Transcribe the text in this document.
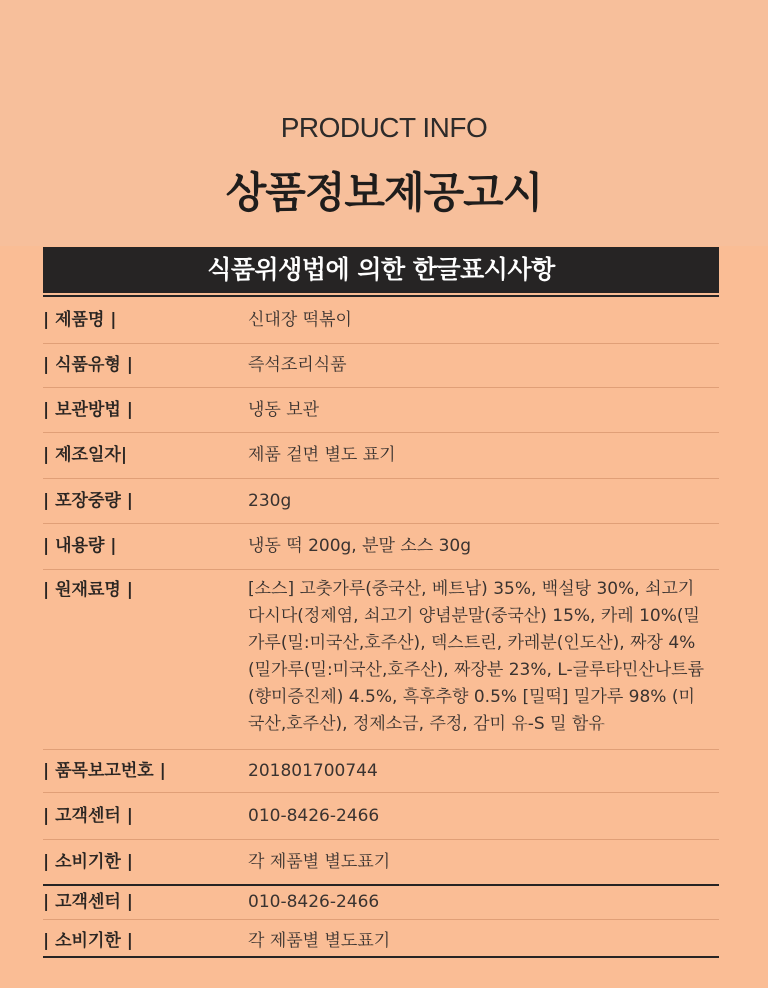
PRODUCT INFO
상품정보제공고시
식품위생법에 의한 한글표시사항
| 제품명 |	신대장 떡볶이
| 식품유형 |	즉석조리식품
| 보관방법 |	냉동 보관
| 제조일자|	제품 겉면 별도 표기
| 포장중량 |	230g
| 내용량 |	냉동 떡 200g, 분말 소스 30g
| 원재료명 |	[소스] 고춧가루(중국산, 베트남) 35%, 백설탕 30%, 쇠고기 다시다(정제염, 쇠고기 양념분말(중국산) 15%, 카레 10%(밀가루(밀:미국산,호주산), 덱스트린, 카레분(인도산), 짜장 4%(밀가루(밀:미국산,호주산), 짜장분 23%, L-글루타민산나트륨(향미증진제) 4.5%, 흑후추향 0.5% [밀떡] 밀가루 98% (미국산,호주산), 정제소금, 주정, 감미 유-S 밀 함유
| 품목보고번호 |	201801700744
| 고객센터 |	010-8426-2466
| 소비기한 |	각 제품별 별도표기
| 고객센터 |	010-8426-2466
| 소비기한 |	각 제품별 별도표기
